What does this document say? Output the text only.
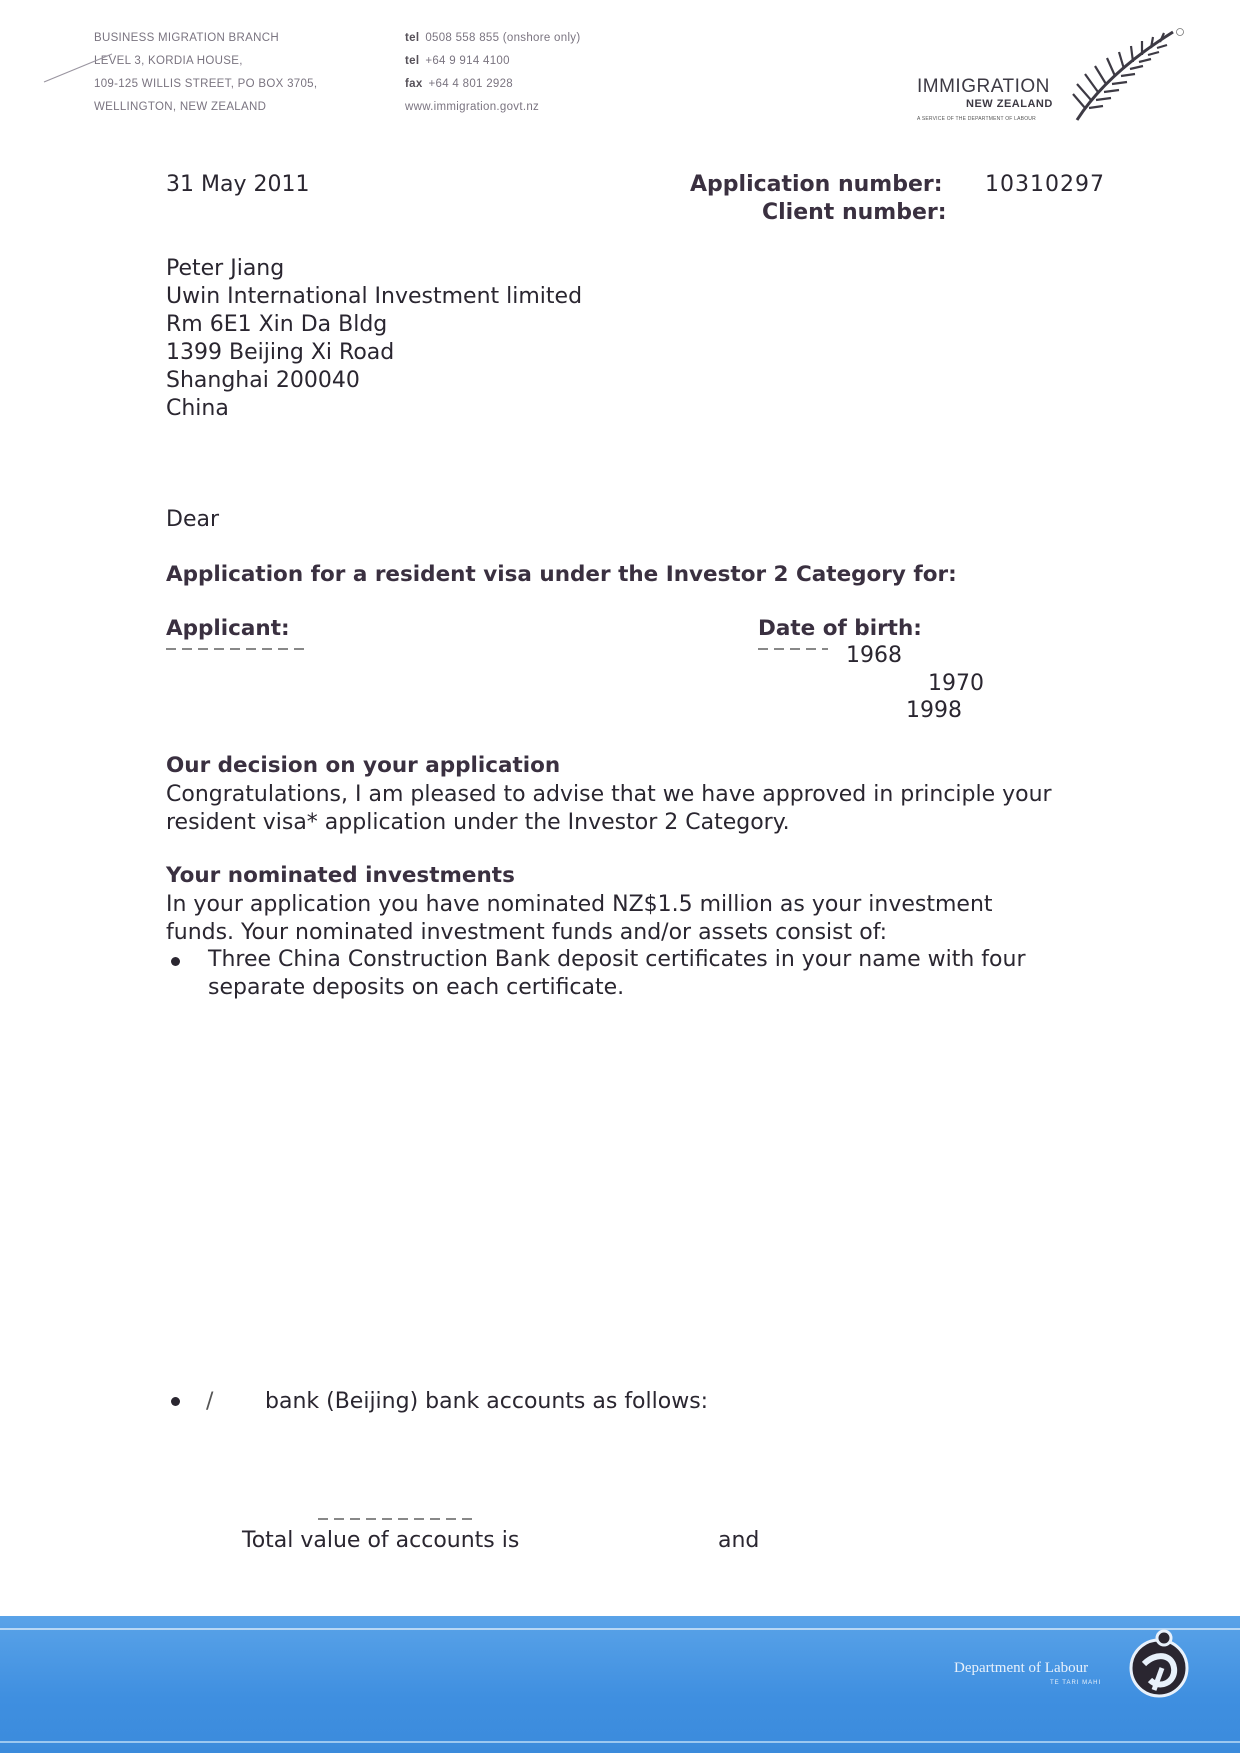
BUSINESS MIGRATION BRANCH
LEVEL 3, KORDIA HOUSE,
109-125 WILLIS STREET, PO BOX 3705,
WELLINGTON, NEW ZEALAND
tel 0508 558 855 (onshore only)
tel +64 9 914 4100
fax +64 4 801 2928
www.immigration.govt.nz
IMMIGRATION
NEW ZEALAND
A SERVICE OF THE DEPARTMENT OF LABOUR
31 May 2011	Application number: 10310297
Client number:
Peter Jiang
Uwin International Investment limited
Rm 6E1 Xin Da Bldg
1399 Beijing Xi Road
Shanghai 200040
China
Dear
Application for a resident visa under the Investor 2 Category for:
Applicant:	Date of birth:
1968
1970
1998
Our decision on your application
Congratulations, I am pleased to advise that we have approved in principle your
resident visa* application under the Investor 2 Category.
Your nominated investments
In your application you have nominated NZ$1.5 million as your investment
funds. Your nominated investment funds and/or assets consist of:
Three China Construction Bank deposit certificates in your name with four
separate deposits on each certificate.
/ bank (Beijing) bank accounts as follows:
Total value of accounts is	and
Department of Labour
TE TARI MAHI
